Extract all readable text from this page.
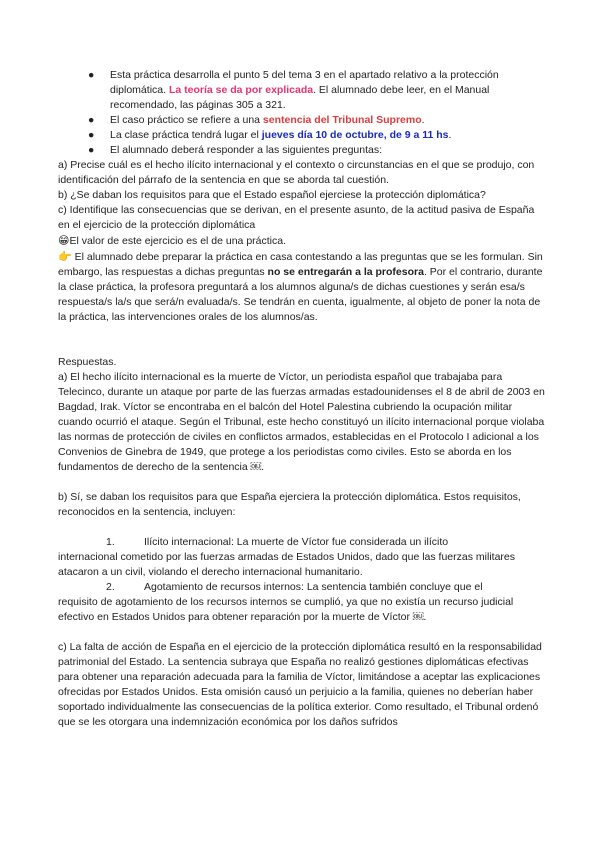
● Esta práctica desarrolla el punto 5 del tema 3 en el apartado relativo a la protección diplomática. La teoría se da por explicada. El alumnado debe leer, en el Manual recomendado, las páginas 305 a 321.
● El caso práctico se refiere a una sentencia del Tribunal Supremo.
● La clase práctica tendrá lugar el jueves día 10 de octubre, de 9 a 11 hs.
● El alumnado deberá responder a las siguientes preguntas:

a) Precise cuál es el hecho ilícito internacional y el contexto o circunstancias en el que se produjo, con identificación del párrafo de la sentencia en que se aborda tal cuestión.

b) ¿Se daban los requisitos para que el Estado español ejerciese la protección diplomática?

c) Identifique las consecuencias que se derivan, en el presente asunto, de la actitud pasiva de España en el ejercicio de la protección diplomática

😁El valor de este ejercicio es el de una práctica.

👉 El alumnado debe preparar la práctica en casa contestando a las preguntas que se les formulan. Sin embargo, las respuestas a dichas preguntas no se entregarán a la profesora. Por el contrario, durante la clase práctica, la profesora preguntará a los alumnos alguna/s de dichas cuestiones y serán esa/s respuesta/s la/s que será/n evaluada/s. Se tendrán en cuenta, igualmente, al objeto de poner la nota de la práctica, las intervenciones orales de los alumnos/as.

Respuestas.

a) El hecho ilícito internacional es la muerte de Víctor, un periodista español que trabajaba para Telecinco, durante un ataque por parte de las fuerzas armadas estadounidenses el 8 de abril de 2003 en Bagdad, Irak. Víctor se encontraba en el balcón del Hotel Palestina cubriendo la ocupación militar cuando ocurrió el ataque. Según el Tribunal, este hecho constituyó un ilícito internacional porque violaba las normas de protección de civiles en conflictos armados, establecidas en el Protocolo I adicional a los Convenios de Ginebra de 1949, que protege a los periodistas como civiles. Esto se aborda en los fundamentos de derecho de la sentencia ￼.

b) Sí, se daban los requisitos para que España ejerciera la protección diplomática. Estos requisitos, reconocidos en la sentencia, incluyen:

1.	Ilícito internacional: La muerte de Víctor fue considerada un ilícito

internacional cometido por las fuerzas armadas de Estados Unidos, dado que las fuerzas militares atacaron a un civil, violando el derecho internacional humanitario.

2.	Agotamiento de recursos internos: La sentencia también concluye que el

requisito de agotamiento de los recursos internos se cumplió, ya que no existía un recurso judicial efectivo en Estados Unidos para obtener reparación por la muerte de Víctor ￼.

c) La falta de acción de España en el ejercicio de la protección diplomática resultó en la responsabilidad patrimonial del Estado. La sentencia subraya que España no realizó gestiones diplomáticas efectivas para obtener una reparación adecuada para la familia de Víctor, limitándose a aceptar las explicaciones ofrecidas por Estados Unidos. Esta omisión causó un perjuicio a la familia, quienes no deberían haber soportado individualmente las consecuencias de la política exterior. Como resultado, el Tribunal ordenó que se les otorgara una indemnización económica por los daños sufridos
